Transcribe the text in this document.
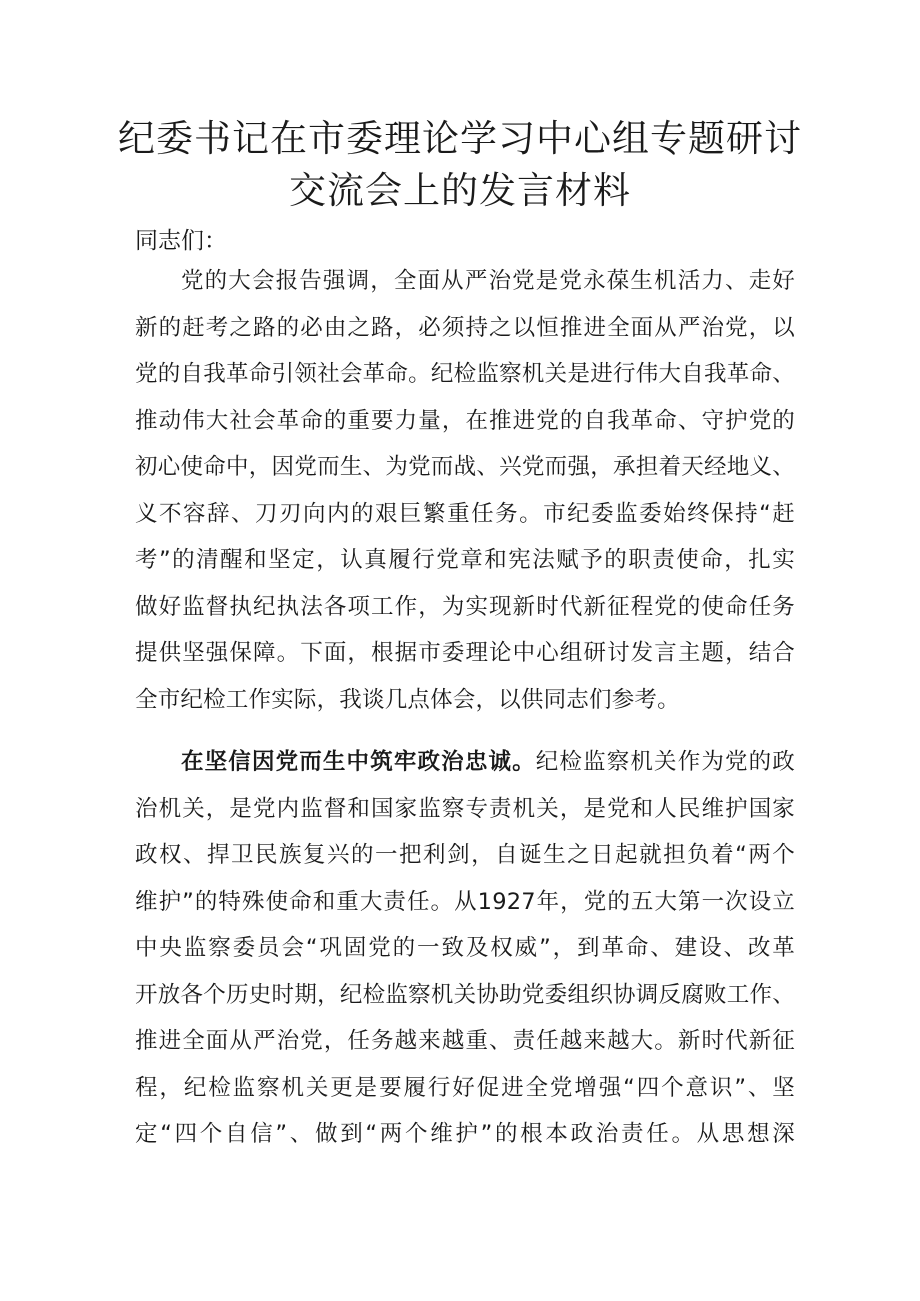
纪委书记在市委理论学习中心组专题研讨
交流会上的发言材料
同志们：
党的大会报告强调，全面从严治党是党永葆生机活力、走好
新的赶考之路的必由之路，必须持之以恒推进全面从严治党，以
党的自我革命引领社会革命。纪检监察机关是进行伟大自我革命、
推动伟大社会革命的重要力量，在推进党的自我革命、守护党的
初心使命中，因党而生、为党而战、兴党而强，承担着天经地义、
义不容辞、刀刃向内的艰巨繁重任务。市纪委监委始终保持“赶
考”的清醒和坚定，认真履行党章和宪法赋予的职责使命，扎实
做好监督执纪执法各项工作，为实现新时代新征程党的使命任务
提供坚强保障。下面，根据市委理论中心组研讨发言主题，结合
全市纪检工作实际，我谈几点体会，以供同志们参考。
在坚信因党而生中筑牢政治忠诚。纪检监察机关作为党的政
治机关，是党内监督和国家监察专责机关，是党和人民维护国家
政权、捍卫民族复兴的一把利剑，自诞生之日起就担负着“两个
维护”的特殊使命和重大责任。从1927年，党的五大第一次设立
中央监察委员会“巩固党的一致及权威”，到革命、建设、改革
开放各个历史时期，纪检监察机关协助党委组织协调反腐败工作、
推进全面从严治党，任务越来越重、责任越来越大。新时代新征
程，纪检监察机关更是要履行好促进全党增强“四个意识”、坚
定“四个自信”、做到“两个维护”的根本政治责任。从思想深
